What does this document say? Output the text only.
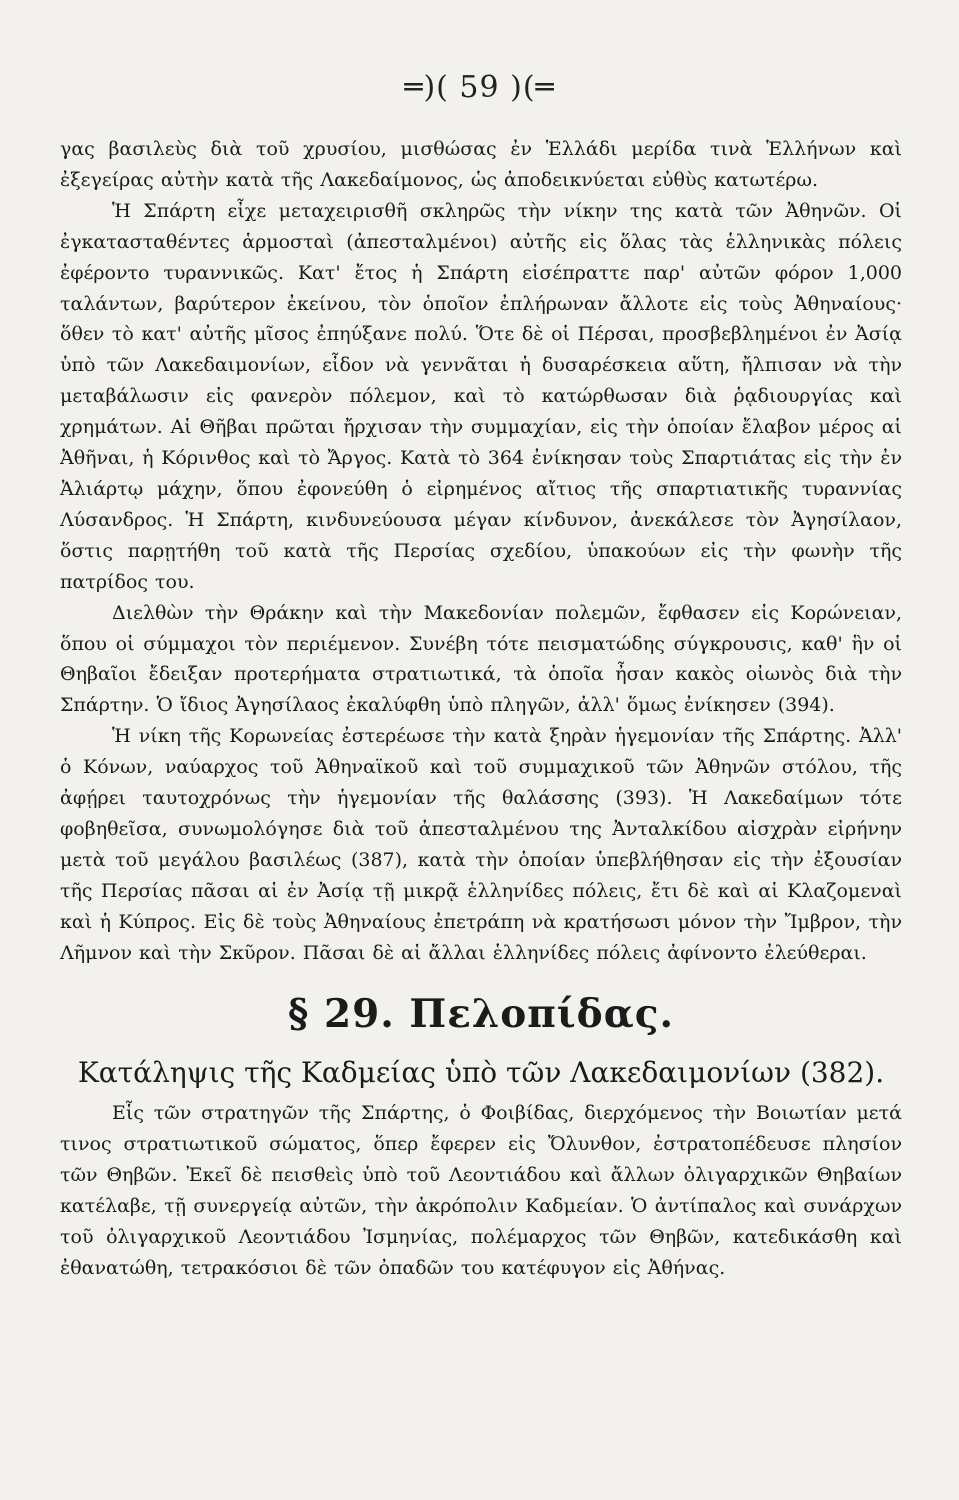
═)( 59 )(═

γας βασιλεὺς διὰ τοῦ χρυσίου, μισθώσας ἐν Ἑλλάδι μερίδα τινὰ Ἑλλήνων καὶ ἐξεγείρας αὐτὴν κατὰ τῆς Λακεδαίμονος, ὡς ἀποδεικνύεται εὐθὺς κατωτέρω.

Ἡ Σπάρτη εἶχε μεταχειρισθῆ σκληρῶς τὴν νίκην της κατὰ τῶν Ἀθηνῶν. Οἱ ἐγκατασταθέντες ἁρμοσταὶ (ἀπεσταλμένοι) αὐτῆς εἰς ὅλας τὰς ἑλληνικὰς πόλεις ἐφέροντο τυραννικῶς. Κατ' ἔτος ἡ Σπάρτη εἰσέπραττε παρ' αὐτῶν φόρον 1,000 ταλάντων, βαρύτερον ἐκείνου, τὸν ὁποῖον ἐπλήρωναν ἄλλοτε εἰς τοὺς Ἀθηναίους· ὅθεν τὸ κατ' αὐτῆς μῖσος ἐπηύξανε πολύ. Ὅτε δὲ οἱ Πέρσαι, προσβεβλημένοι ἐν Ἀσίᾳ ὑπὸ τῶν Λακεδαιμονίων, εἶδον νὰ γεννᾶται ἡ δυσαρέσκεια αὕτη, ἤλπισαν νὰ τὴν μεταβάλωσιν εἰς φανερὸν πόλεμον, καὶ τὸ κατώρθωσαν διὰ ῥᾳδιουργίας καὶ χρημάτων. Αἱ Θῆβαι πρῶται ἤρχισαν τὴν συμμαχίαν, εἰς τὴν ὁποίαν ἔλαβον μέρος αἱ Ἀθῆναι, ἡ Κόρινθος καὶ τὸ Ἄργος. Κατὰ τὸ 364 ἐνίκησαν τοὺς Σπαρτιάτας εἰς τὴν ἐν Ἁλιάρτῳ μάχην, ὅπου ἐφονεύθη ὁ εἰρημένος αἴτιος τῆς σπαρτιατικῆς τυραννίας Λύσανδρος. Ἡ Σπάρτη, κινδυνεύουσα μέγαν κίνδυνον, ἀνεκάλεσε τὸν Ἀγησίλαον, ὅστις παρῃτήθη τοῦ κατὰ τῆς Περσίας σχεδίου, ὑπακούων εἰς τὴν φωνὴν τῆς πατρίδος του.

Διελθὼν τὴν Θράκην καὶ τὴν Μακεδονίαν πολεμῶν, ἔφθασεν εἰς Κορώνειαν, ὅπου οἱ σύμμαχοι τὸν περιέμενον. Συνέβη τότε πεισματώδης σύγκρουσις, καθ' ἣν οἱ Θηβαῖοι ἔδειξαν προτερήματα στρατιωτικά, τὰ ὁποῖα ἦσαν κακὸς οἰωνὸς διὰ τὴν Σπάρτην. Ὁ ἴδιος Ἀγησίλαος ἐκαλύφθη ὑπὸ πληγῶν, ἀλλ' ὅμως ἐνίκησεν (394).

Ἡ νίκη τῆς Κορωνείας ἐστερέωσε τὴν κατὰ ξηρὰν ἡγεμονίαν τῆς Σπάρτης. Ἀλλ' ὁ Κόνων, ναύαρχος τοῦ Ἀθηναϊκοῦ καὶ τοῦ συμμαχικοῦ τῶν Ἀθηνῶν στόλου, τῆς ἀφῄρει ταυτοχρόνως τὴν ἡγεμονίαν τῆς θαλάσσης (393). Ἡ Λακεδαίμων τότε φοβηθεῖσα, συνωμολόγησε διὰ τοῦ ἀπεσταλμένου της Ἀνταλκίδου αἰσχρὰν εἰρήνην μετὰ τοῦ μεγάλου βασιλέως (387), κατὰ τὴν ὁποίαν ὑπεβλήθησαν εἰς τὴν ἐξουσίαν τῆς Περσίας πᾶσαι αἱ ἐν Ἀσίᾳ τῇ μικρᾷ ἑλληνίδες πόλεις, ἔτι δὲ καὶ αἱ Κλαζομεναὶ καὶ ἡ Κύπρος. Εἰς δὲ τοὺς Ἀθηναίους ἐπετράπη νὰ κρατήσωσι μόνον τὴν Ἴμβρον, τὴν Λῆμνον καὶ τὴν Σκῦρον. Πᾶσαι δὲ αἱ ἄλλαι ἑλληνίδες πόλεις ἀφίνοντο ἐλεύθεραι.

§ 29. Πελοπίδας.
Κατάληψις τῆς Καδμείας ὑπὸ τῶν Λακεδαιμονίων (382).

Εἷς τῶν στρατηγῶν τῆς Σπάρτης, ὁ Φοιβίδας, διερχόμενος τὴν Βοιωτίαν μετά τινος στρατιωτικοῦ σώματος, ὅπερ ἔφερεν εἰς Ὄλυνθον, ἐστρατοπέδευσε πλησίον τῶν Θηβῶν. Ἐκεῖ δὲ πεισθεὶς ὑπὸ τοῦ Λεοντιάδου καὶ ἄλλων ὀλιγαρχικῶν Θηβαίων κατέλαβε, τῇ συνεργείᾳ αὐτῶν, τὴν ἀκρόπολιν Καδμείαν. Ὁ ἀντίπαλος καὶ συνάρχων τοῦ ὀλιγαρχικοῦ Λεοντιάδου Ἰσμηνίας, πολέμαρχος τῶν Θηβῶν, κατεδικάσθη καὶ ἐθανατώθη, τετρακόσιοι δὲ τῶν ὀπαδῶν του κατέφυγον εἰς Ἀθήνας.
